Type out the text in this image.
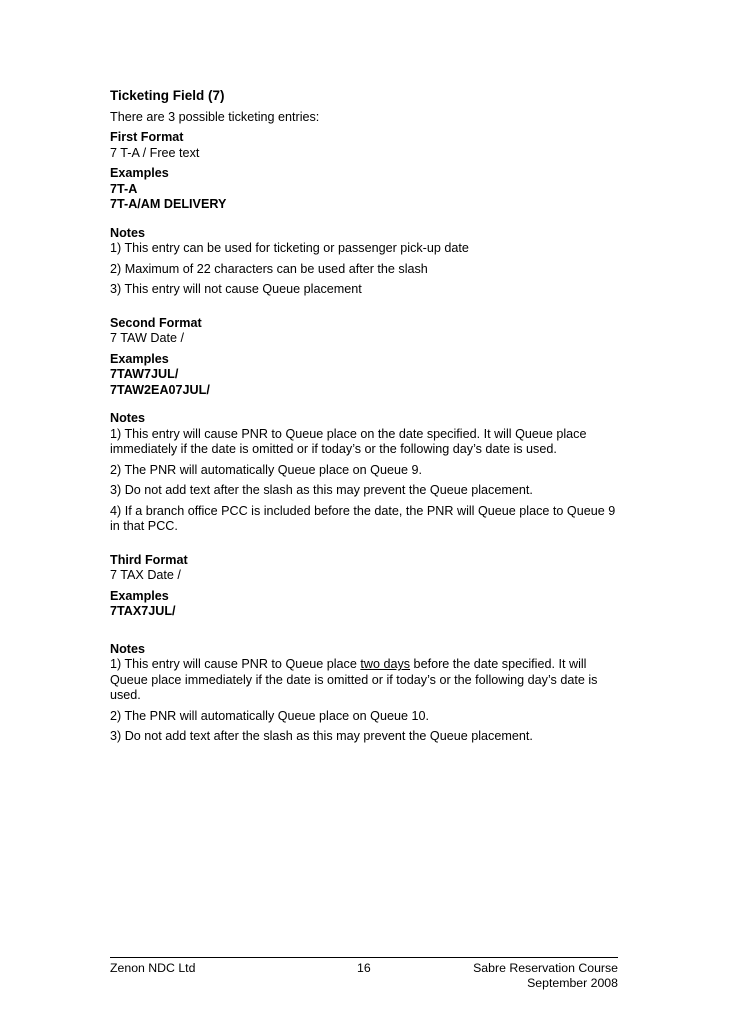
Ticketing Field (7)
There are 3 possible ticketing entries:
First Format
7 T-A / Free text
Examples
7T-A
7T-A/AM DELIVERY
Notes
1) This entry can be used for ticketing or passenger pick-up date
2) Maximum of 22 characters can be used after the slash
3) This entry will not cause Queue placement
Second Format
7 TAW Date /
Examples
7TAW7JUL/
7TAW2EA07JUL/
Notes
1) This entry will cause PNR to Queue place on the date specified. It will Queue place immediately if the date is omitted or if today’s or the following day’s date is used.
2) The PNR will automatically Queue place on Queue 9.
3) Do not add text after the slash as this may prevent the Queue placement.
4) If a branch office PCC is included before the date, the PNR will Queue place to Queue 9 in that PCC.
Third Format
7 TAX Date /
Examples
7TAX7JUL/
Notes
1) This entry will cause PNR to Queue place two days before the date specified. It will Queue place immediately if the date is omitted or if today’s or the following day’s date is used.
2) The PNR will automatically Queue place on Queue 10.
3) Do not add text after the slash as this may prevent the Queue placement.
Zenon NDC Ltd	16	Sabre Reservation Course
September 2008
